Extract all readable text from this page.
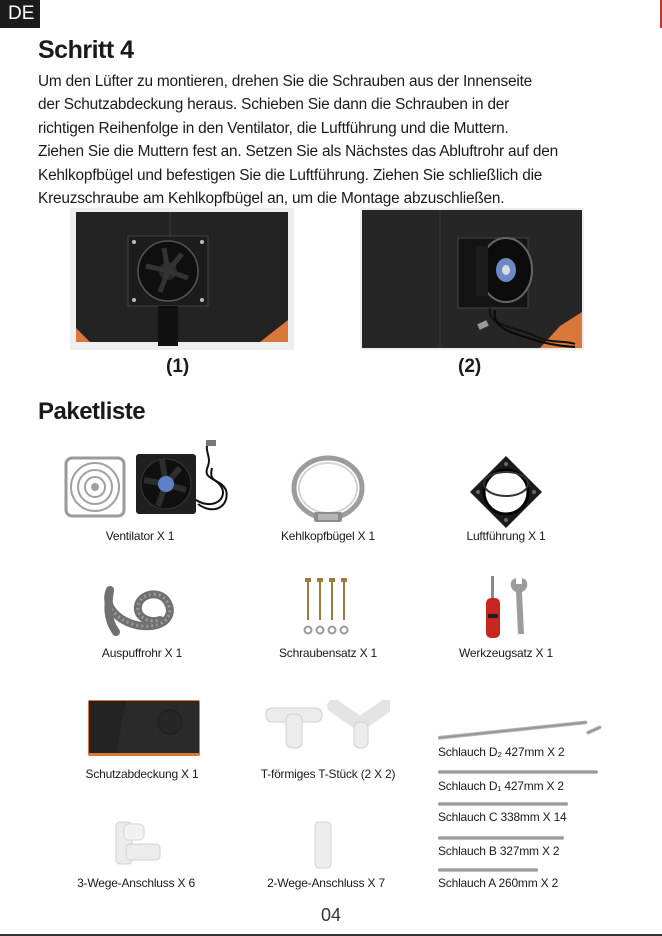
DE
Schritt 4
Um den Lüfter zu montieren, drehen Sie die Schrauben aus der Innenseite
der Schutzabdeckung heraus. Schieben Sie dann die Schrauben in der
richtigen Reihenfolge in den Ventilator, die Luftführung und die Muttern.
Ziehen Sie die Muttern fest an. Setzen Sie als Nächstes das Abluftrohr auf den
Kehlkopfbügel und befestigen Sie die Luftführung. Ziehen Sie schließlich die
Kreuzschraube am Kehlkopfbügel an, um die Montage abzuschließen.
(1)	(2)
Paketliste
Ventilator X 1	Kehlkopfbügel X 1	Luftführung X 1
Auspuffrohr X 1	Schraubensatz X 1	Werkzeugsatz X 1
Schutzabdeckung X 1	T-förmiges T-Stück (2 X 2)
3-Wege-Anschluss X 6	2-Wege-Anschluss X 7
Schlauch D₂ 427mm X 2
Schlauch D₁ 427mm X 2
Schlauch C 338mm X 14
Schlauch B 327mm X 2
Schlauch A 260mm X 2
04
